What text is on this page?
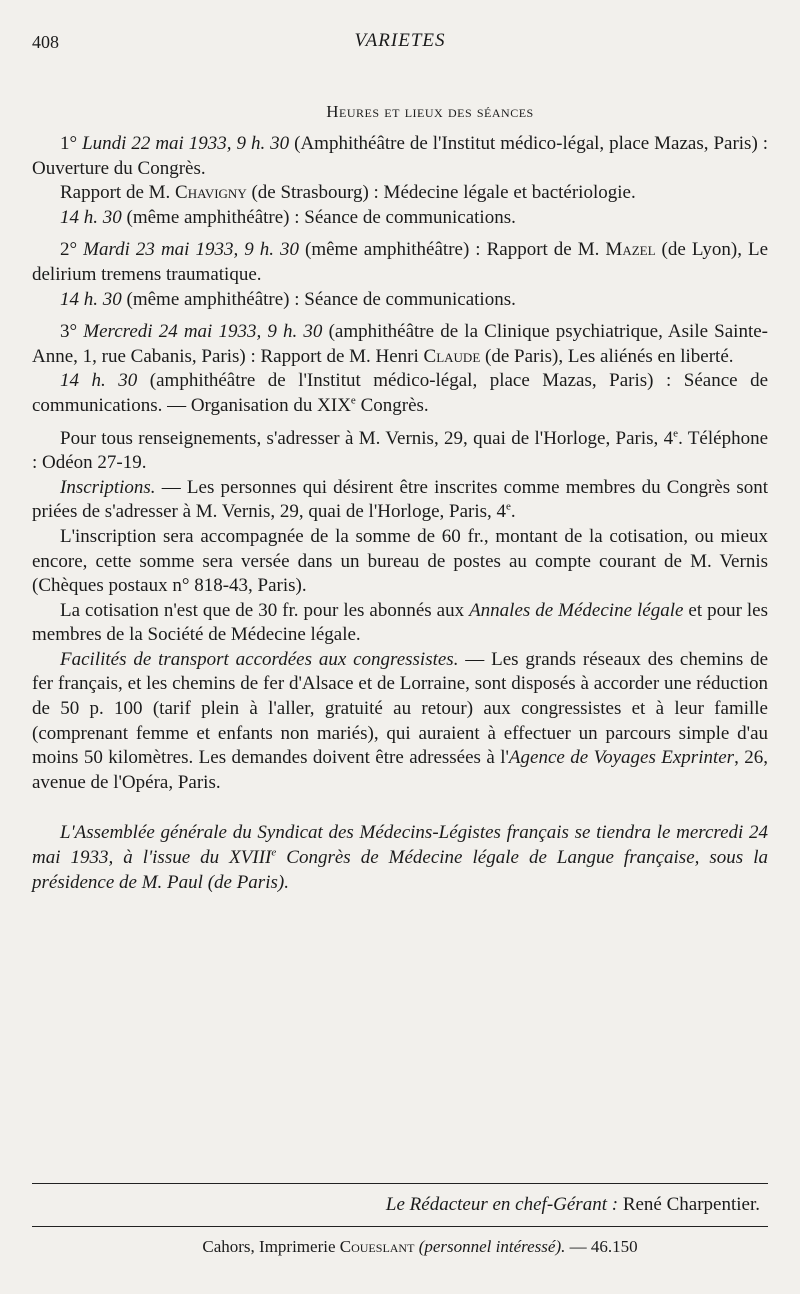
408	VARIETES
Heures et lieux des séances

1° Lundi 22 mai 1933, 9 h. 30 (Amphithéâtre de l'Institut médico-légal, place Mazas, Paris) : Ouverture du Congrès.

Rapport de M. Chavigny (de Strasbourg) : Médecine légale et bactériologie.

14 h. 30 (même amphithéâtre) : Séance de communications.

2° Mardi 23 mai 1933, 9 h. 30 (même amphithéâtre) : Rapport de M. Mazel (de Lyon), Le delirium tremens traumatique.

14 h. 30 (même amphithéâtre) : Séance de communications.

3° Mercredi 24 mai 1933, 9 h. 30 (amphithéâtre de la Clinique psychiatrique, Asile Sainte-Anne, 1, rue Cabanis, Paris) : Rapport de M. Henri Claude (de Paris), Les aliénés en liberté.

14 h. 30 (amphithéâtre de l'Institut médico-légal, place Mazas, Paris) : Séance de communications. — Organisation du XIXe Congrès.

Pour tous renseignements, s'adresser à M. Vernis, 29, quai de l'Horloge, Paris, 4e. Téléphone : Odéon 27-19.

Inscriptions. — Les personnes qui désirent être inscrites comme membres du Congrès sont priées de s'adresser à M. Vernis, 29, quai de l'Horloge, Paris, 4e.

L'inscription sera accompagnée de la somme de 60 fr., montant de la cotisation, ou mieux encore, cette somme sera versée dans un bureau de postes au compte courant de M. Vernis (Chèques postaux n° 818-43, Paris).

La cotisation n'est que de 30 fr. pour les abonnés aux Annales de Médecine légale et pour les membres de la Société de Médecine légale.

Facilités de transport accordées aux congressistes. — Les grands réseaux des chemins de fer français, et les chemins de fer d'Alsace et de Lorraine, sont disposés à accorder une réduction de 50 p. 100 (tarif plein à l'aller, gratuité au retour) aux congressistes et à leur famille (comprenant femme et enfants non mariés), qui auraient à effectuer un parcours simple d'au moins 50 kilomètres. Les demandes doivent être adressées à l'Agence de Voyages Exprinter, 26, avenue de l'Opéra, Paris.

L'Assemblée générale du Syndicat des Médecins-Légistes français se tiendra le mercredi 24 mai 1933, à l'issue du XVIIIe Congrès de Médecine légale de Langue française, sous la présidence de M. Paul (de Paris).

Le Rédacteur en chef-Gérant : René Charpentier.
Cahors, Imprimerie Coueslant (personnel intéressé). — 46.150
